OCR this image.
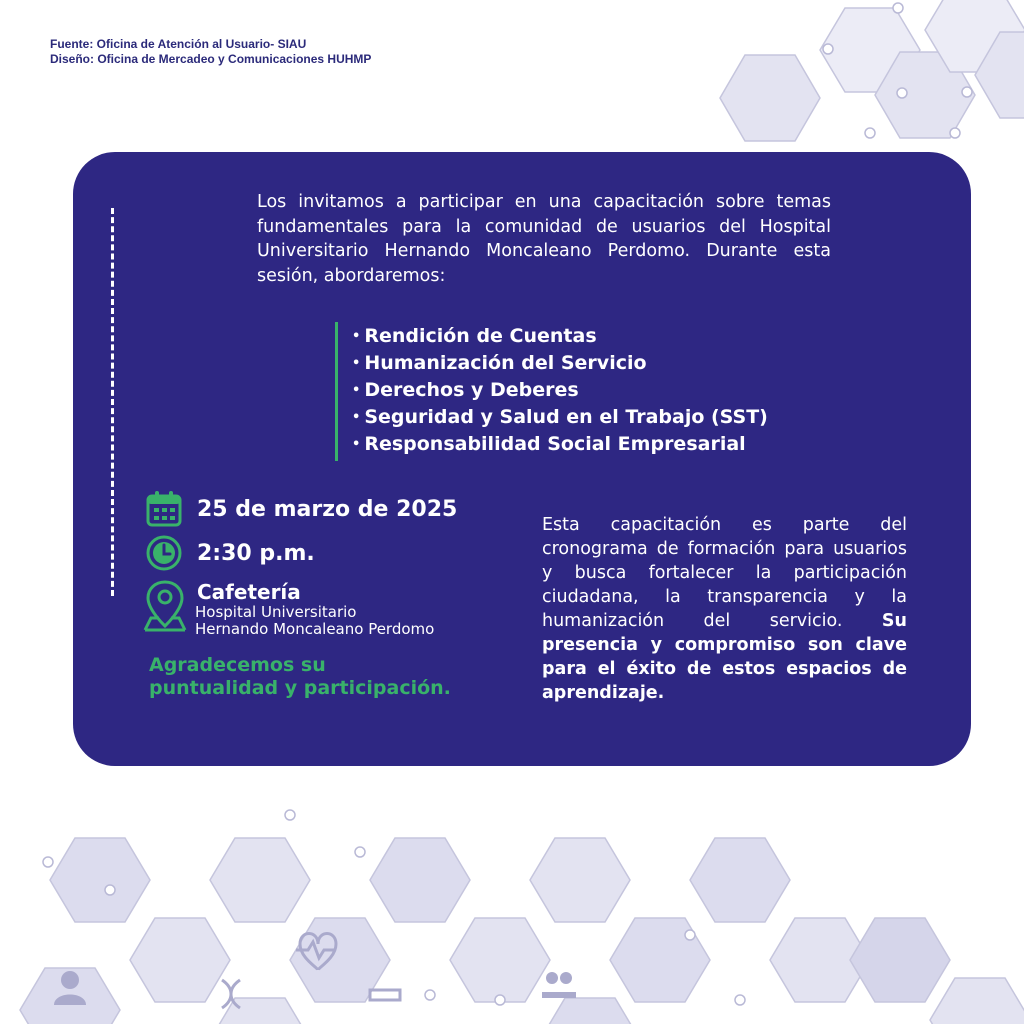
Fuente: Oficina de Atención al Usuario- SIAU
Diseño: Oficina de Mercadeo y Comunicaciones HUHMP
Los invitamos a participar en una capacitación sobre temas fundamentales para la comunidad de usuarios del Hospital Universitario Hernando Moncaleano Perdomo. Durante esta sesión, abordaremos:
• Rendición de Cuentas
• Humanización del Servicio
• Derechos y Deberes
• Seguridad y Salud en el Trabajo (SST)
• Responsabilidad Social Empresarial
25 de marzo de 2025
2:30 p.m.
Cafetería
Hospital Universitario
Hernando Moncaleano Perdomo
Agradecemos su
puntualidad y participación.
Esta capacitación es parte del cronograma de formación para usuarios y busca fortalecer la participación ciudadana, la transparencia y la humanización del servicio. Su presencia y compromiso son clave para el éxito de estos espacios de aprendizaje.
